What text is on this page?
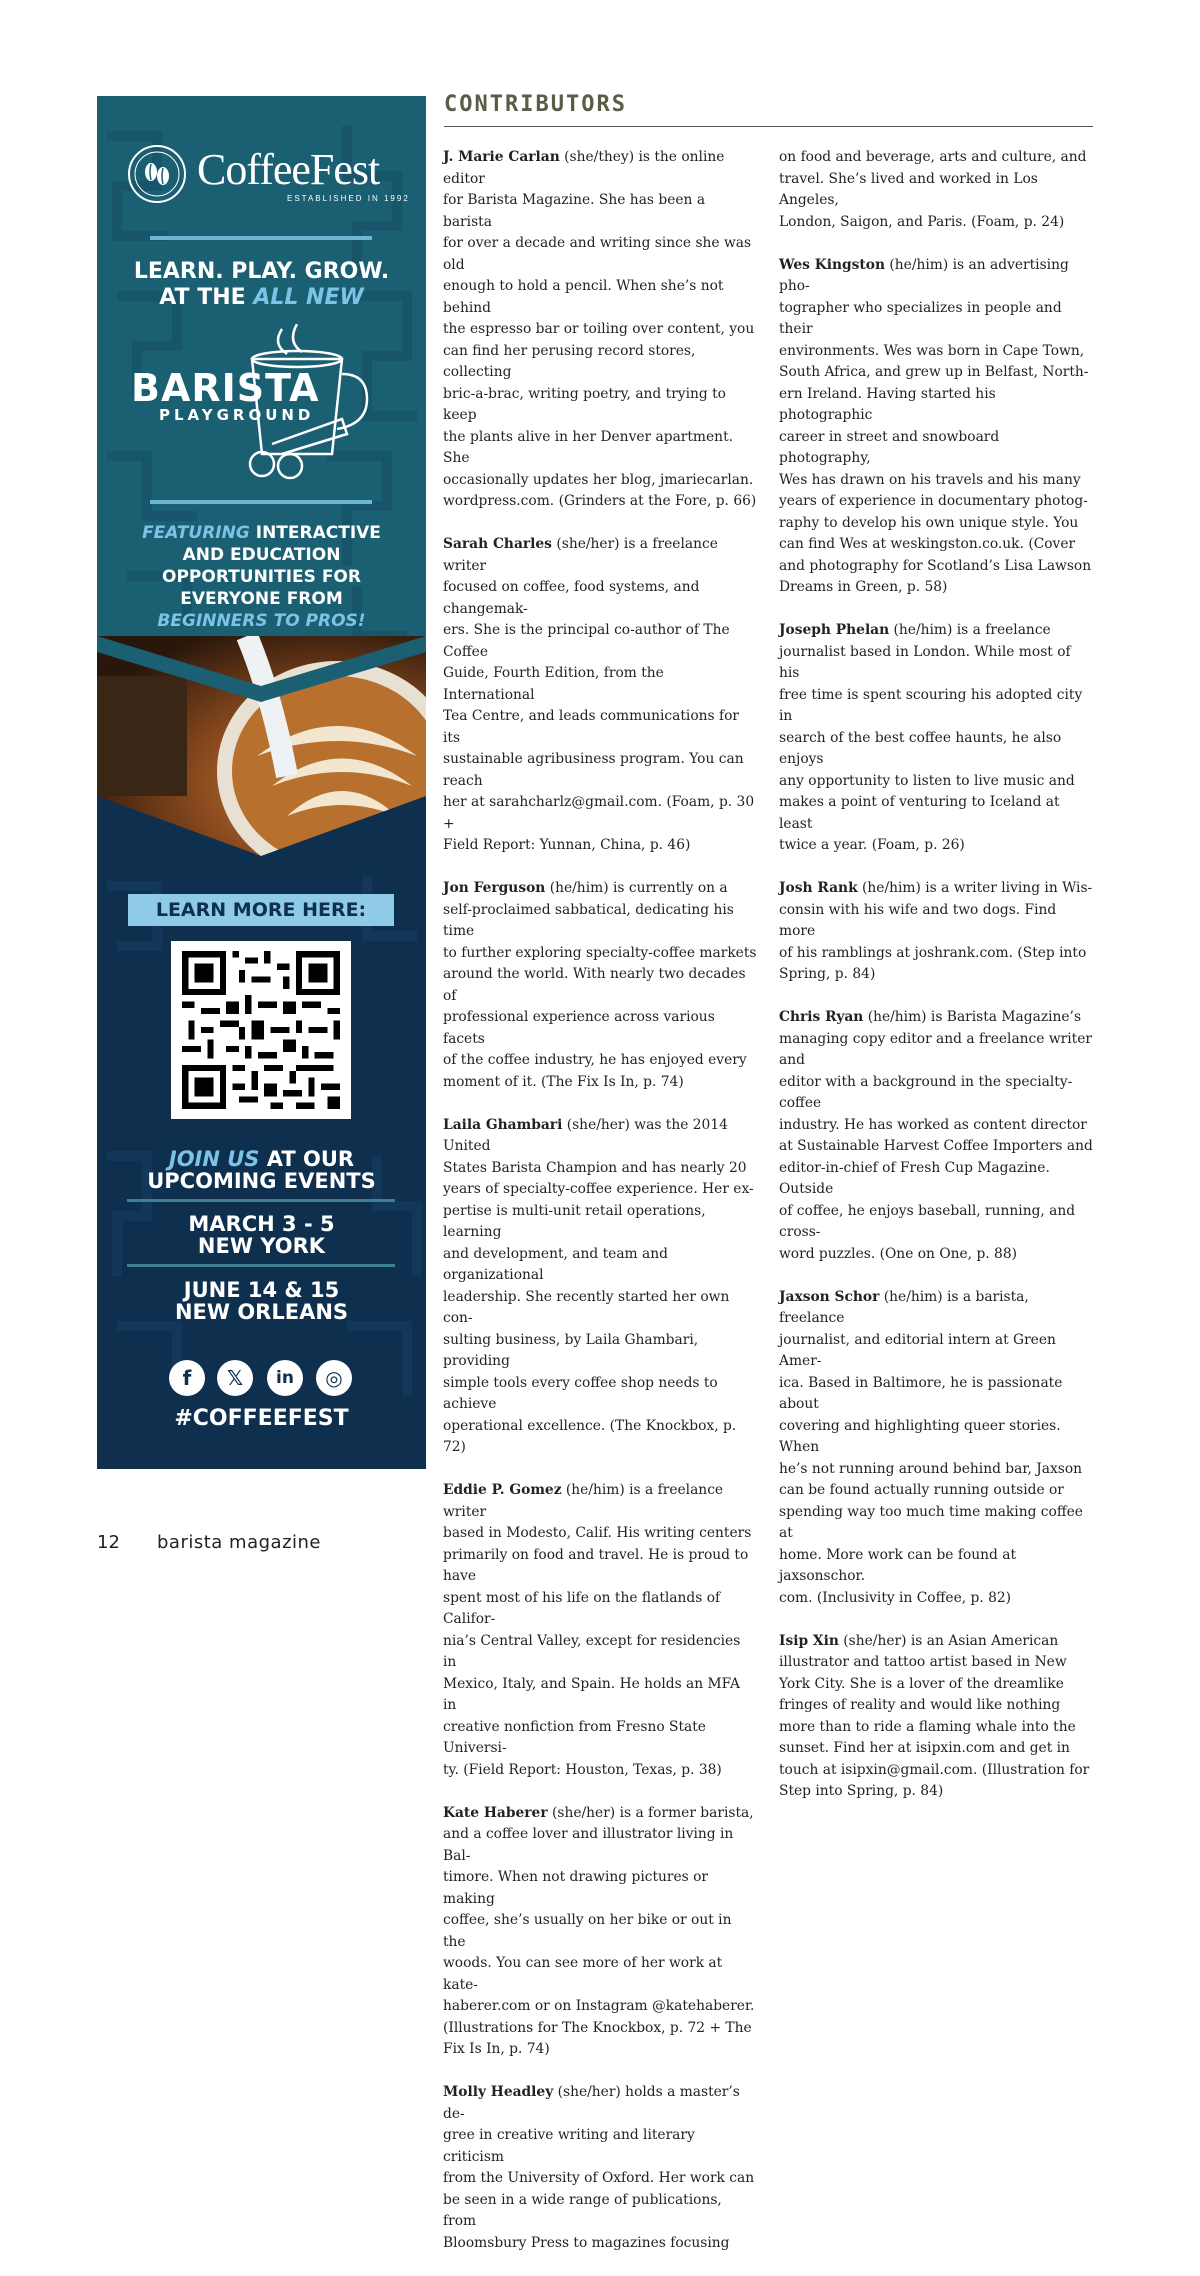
CoffeeFest
ESTABLISHED IN 1992
LEARN. PLAY. GROW.
AT THE ALL NEW
BARISTA
PLAYGROUND
FEATURING INTERACTIVE
AND EDUCATION
OPPORTUNITIES FOR
EVERYONE FROM
BEGINNERS TO PROS!
LEARN MORE HERE:
JOIN US AT OUR
UPCOMING EVENTS
MARCH 3 - 5
NEW YORK
JUNE 14 & 15
NEW ORLEANS
f	𝕏	in	◎
#COFFEEFEST
CONTRIBUTORS

J. Marie Carlan (she/they) is the online editor
for Barista Magazine. She has been a barista
for over a decade and writing since she was old
enough to hold a pencil. When she’s not behind
the espresso bar or toiling over content, you
can find her perusing record stores, collecting
bric-a-brac, writing poetry, and trying to keep
the plants alive in her Denver apartment. She
occasionally updates her blog, jmariecarlan.
wordpress.com. (Grinders at the Fore, p. 66)

Sarah Charles (she/her) is a freelance writer
focused on coffee, food systems, and changemak-
ers. She is the principal co-author of The Coffee
Guide, Fourth Edition, from the International
Tea Centre, and leads communications for its
sustainable agribusiness program. You can reach
her at sarahcharlz@gmail.com. (Foam, p. 30 +
Field Report: Yunnan, China, p. 46)

Jon Ferguson (he/him) is currently on a
self-proclaimed sabbatical, dedicating his time
to further exploring specialty-coffee markets
around the world. With nearly two decades of
professional experience across various facets
of the coffee industry, he has enjoyed every
moment of it. (The Fix Is In, p. 74)

Laila Ghambari (she/her) was the 2014 United
States Barista Champion and has nearly 20
years of specialty-coffee experience. Her ex-
pertise is multi-unit retail operations, learning
and development, and team and organizational
leadership. She recently started her own con-
sulting business, by Laila Ghambari, providing
simple tools every coffee shop needs to achieve
operational excellence. (The Knockbox, p. 72)

Eddie P. Gomez (he/him) is a freelance writer
based in Modesto, Calif. His writing centers
primarily on food and travel. He is proud to have
spent most of his life on the flatlands of Califor-
nia’s Central Valley, except for residencies in
Mexico, Italy, and Spain. He holds an MFA in
creative nonfiction from Fresno State Universi-
ty. (Field Report: Houston, Texas, p. 38)

Kate Haberer (she/her) is a former barista,
and a coffee lover and illustrator living in Bal-
timore. When not drawing pictures or making
coffee, she’s usually on her bike or out in the
woods. You can see more of her work at kate-
haberer.com or on Instagram @katehaberer.
(Illustrations for The Knockbox, p. 72 + The
Fix Is In, p. 74)

Molly Headley (she/her) holds a master’s de-
gree in creative writing and literary criticism
from the University of Oxford. Her work can
be seen in a wide range of publications, from
Bloomsbury Press to magazines focusing

on food and beverage, arts and culture, and
travel. She’s lived and worked in Los Angeles,
London, Saigon, and Paris. (Foam, p. 24)

Wes Kingston (he/him) is an advertising pho-
tographer who specializes in people and their
environments. Wes was born in Cape Town,
South Africa, and grew up in Belfast, North-
ern Ireland. Having started his photographic
career in street and snowboard photography,
Wes has drawn on his travels and his many
years of experience in documentary photog-
raphy to develop his own unique style. You
can find Wes at weskingston.co.uk. (Cover
and photography for Scotland’s Lisa Lawson
Dreams in Green, p. 58)

Joseph Phelan (he/him) is a freelance
journalist based in London. While most of his
free time is spent scouring his adopted city in
search of the best coffee haunts, he also enjoys
any opportunity to listen to live music and
makes a point of venturing to Iceland at least
twice a year. (Foam, p. 26)

Josh Rank (he/him) is a writer living in Wis-
consin with his wife and two dogs. Find more
of his ramblings at joshrank.com. (Step into
Spring, p. 84)

Chris Ryan (he/him) is Barista Magazine’s
managing copy editor and a freelance writer and
editor with a background in the specialty-coffee
industry. He has worked as content director
at Sustainable Harvest Coffee Importers and
editor-in-chief of Fresh Cup Magazine. Outside
of coffee, he enjoys baseball, running, and cross-
word puzzles. (One on One, p. 88)

Jaxson Schor (he/him) is a barista, freelance
journalist, and editorial intern at Green Amer-
ica. Based in Baltimore, he is passionate about
covering and highlighting queer stories. When
he’s not running around behind bar, Jaxson
can be found actually running outside or
spending way too much time making coffee at
home. More work can be found at jaxsonschor.
com. (Inclusivity in Coffee, p. 82)

Isip Xin (she/her) is an Asian American
illustrator and tattoo artist based in New
York City. She is a lover of the dreamlike
fringes of reality and would like nothing
more than to ride a flaming whale into the
sunset. Find her at isipxin.com and get in
touch at isipxin@gmail.com. (Illustration for
Step into Spring, p. 84)

12 barista magazine
